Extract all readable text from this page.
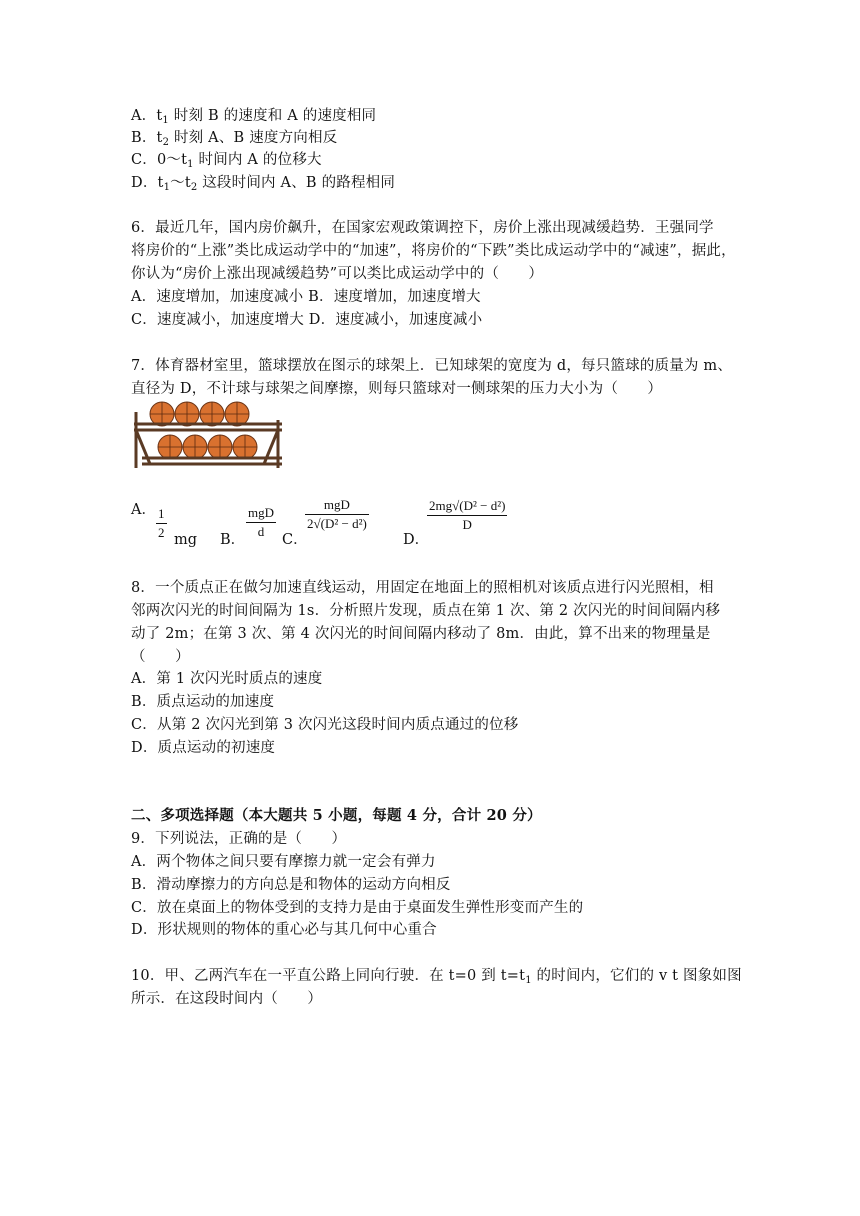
A．$t_1$ 时刻 B 的速度和 A 的速度相同
B．$t_2$ 时刻 A、B 速度方向相反
C．$0\sim t_1$ 时间内 A 的位移大
D．$t_1\sim t_2$ 这段时间内 A、B 的路程相同
6．最近几年，国内房价飙升，在国家宏观政策调控下，房价上涨出现减缓趋势．王强同学
将房价的“上涨”类比成运动学中的“加速”，将房价的“下跌”类比成运动学中的“减速”，据此，
你认为“房价上涨出现减缓趋势”可以类比成运动学中的（　　）
A．速度增加，加速度减小 B．速度增加，加速度增大
C．速度减小，加速度增大 D．速度减小，加速度减小
7．体育器材室里，篮球摆放在图示的球架上．已知球架的宽度为 d，每只篮球的质量为 m、
直径为 D，不计球与球架之间摩擦，则每只篮球对一侧球架的压力大小为（　　）
A． 1
2 mg B．
mgD
d
C．
mgD
2√(D² − d²)
D．
2mg√(D² − d²)
D
8．一个质点正在做匀加速直线运动，用固定在地面上的照相机对该质点进行闪光照相，相
邻两次闪光的时间间隔为 1s．分析照片发现，质点在第 1 次、第 2 次闪光的时间间隔内移
动了 2m；在第 3 次、第 4 次闪光的时间间隔内移动了 8m．由此，算不出来的物理量是
（　　）
A．第 1 次闪光时质点的速度
B．质点运动的加速度
C．从第 2 次闪光到第 3 次闪光这段时间内质点通过的位移
D．质点运动的初速度
二、多项选择题（本大题共 5 小题，每题 4 分，合计 20 分）
9．下列说法，正确的是（　　）
A．两个物体之间只要有摩擦力就一定会有弹力
B．滑动摩擦力的方向总是和物体的运动方向相反
C．放在桌面上的物体受到的支持力是由于桌面发生弹性形变而产生的
D．形状规则的物体的重心必与其几何中心重合
10．甲、乙两汽车在一平直公路上同向行驶．在 t=0 到 $t=t_1$ 的时间内，它们的 v t 图象如图
所示．在这段时间内（　　）
